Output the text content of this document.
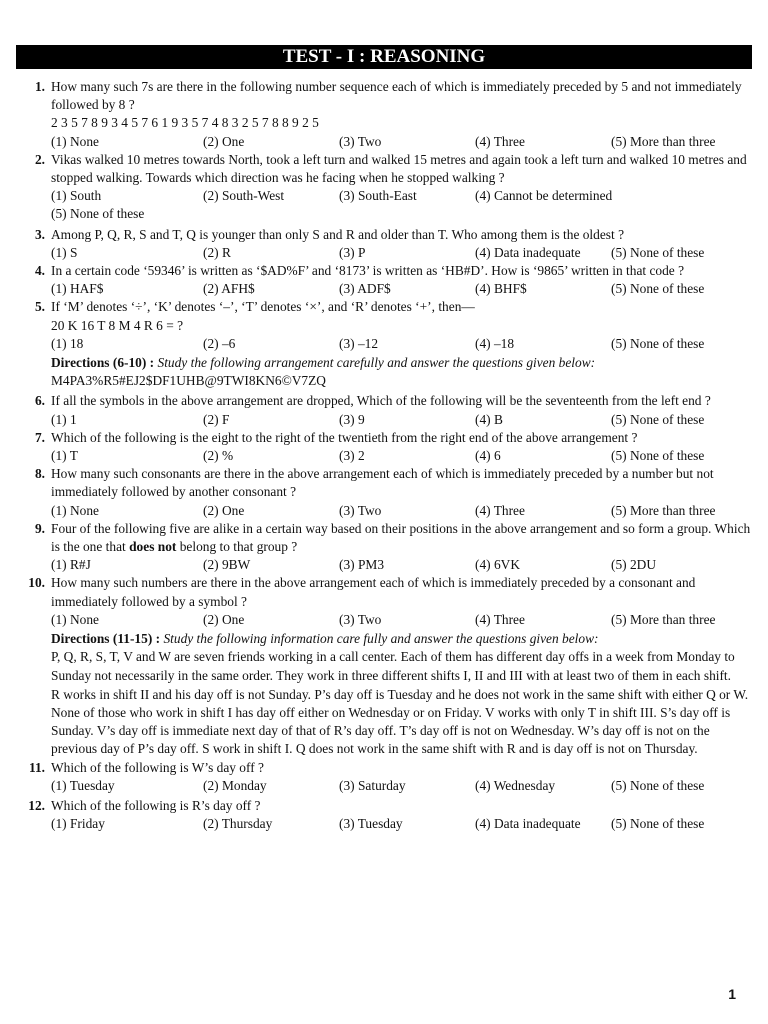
TEST - I : REASONING
1. How many such 7s are there in the following number sequence each of which is immediately preceded by 5 and not immediately followed by 8 ?
2 3 5 7 8 9 3 4 5 7 6 1 9 3 5 7 4 8 3 2 5 7 8 8 9 2 5
(1) None	(2) One	(3) Two	(4) Three	(5) More than three
2. Vikas walked 10 metres towards North, took a left turn and walked 15 metres and again took a left turn and walked 10 metres and stopped walking. Towards which direction was he facing when he stopped walking ?
(1) South	(2) South-West	(3) South-East	(4) Cannot be determined
(5) None of these
3. Among P, Q, R, S and T, Q is younger than only S and R and older than T. Who among them is the oldest ?
(1) S	(2) R	(3) P	(4) Data inadequate	(5) None of these
4. In a certain code ‘59346’ is written as ‘$AD%F’ and ‘8173’ is written as ‘HB#D’. How is ‘9865’ written in that code ?
(1) HAF$	(2) AFH$	(3) ADF$	(4) BHF$	(5) None of these
5. If ‘M’ denotes ‘÷’, ‘K’ denotes ‘–’, ‘T’ denotes ‘×’, and ‘R’ denotes ‘+’, then—
20 K 16 T 8 M 4 R 6 = ?
(1) 18	(2) –6	(3) –12	(4) –18	(5) None of these
Directions (6-10) : Study the following arrangement carefully and answer the questions given below:
M4PA3%R5#EJ2$DF1UHB@9TWI8KN6©V7ZQ
6. If all the symbols in the above arrangement are dropped, Which of the following will be the seventeenth from the left end ?
(1) 1	(2) F	(3) 9	(4) B	(5) None of these
7. Which of the following is the eight to the right of the twentieth from the right end of the above arrangement ?
(1) T	(2) %	(3) 2	(4) 6	(5) None of these
8. How many such consonants are there in the above arrangement each of which is immediately preceded by a number but not immediately followed by another consonant ?
(1) None	(2) One	(3) Two	(4) Three	(5) More than three
9. Four of the following five are alike in a certain way based on their positions in the above arrangement and so form a group. Which is the one that does not belong to that group ?
(1) R#J	(2) 9BW	(3) PM3	(4) 6VK	(5) 2DU
10. How many such numbers are there in the above arrangement each of which is immediately preceded by a consonant and immediately followed by a symbol ?
(1) None	(2) One	(3) Two	(4) Three	(5) More than three
Directions (11-15) : Study the following information care fully and answer the questions given below:
P, Q, R, S, T, V and W are seven friends working in a call center. Each of them has different day offs in a week from Monday to Sunday not necessarily in the same order. They work in three different shifts I, II and III with at least two of them in each shift.
R works in shift II and his day off is not Sunday. P’s day off is Tuesday and he does not work in the same shift with either Q or W. None of those who work in shift I has day off either on Wednesday or on Friday. V works with only T in shift III. S’s day off is Sunday. V’s day off is immediate next day of that of R’s day off. T’s day off is not on Wednesday. W’s day off is not on the previous day of P’s day off. S work in shift I. Q does not work in the same shift with R and is day off is not on Thursday.
11. Which of the following is W’s day off ?
(1) Tuesday	(2) Monday	(3) Saturday	(4) Wednesday	(5) None of these
12. Which of the following is R’s day off ?
(1) Friday	(2) Thursday	(3) Tuesday	(4) Data inadequate	(5) None of these
1
